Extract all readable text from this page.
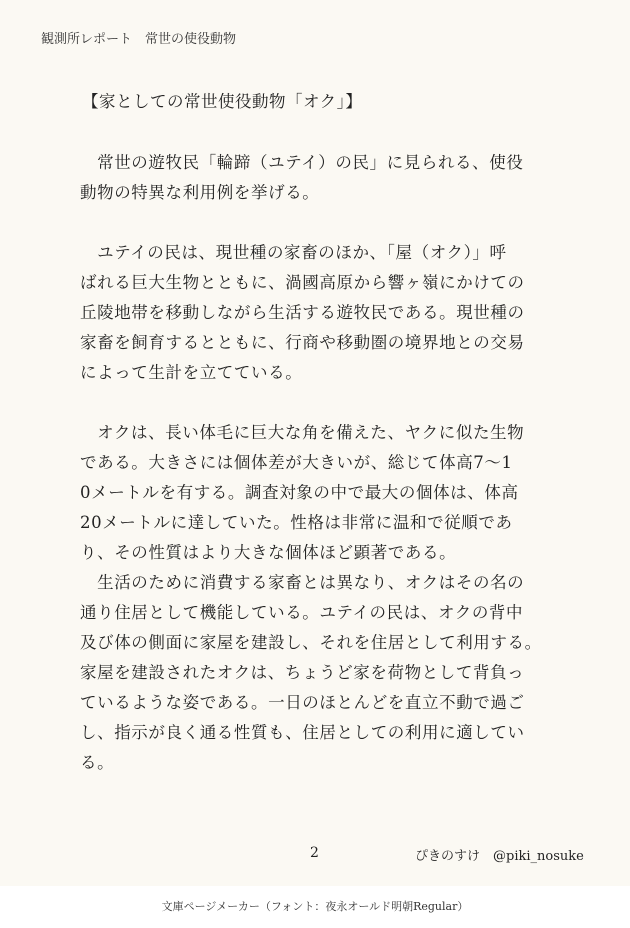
観測所レポート　常世の使役動物
【家としての常世使役動物「オク」】
　常世の遊牧民「輪蹄（ユテイ）の民」に見られる、使役
動物の特異な利用例を挙げる。
　ユテイの民は、現世種の家畜のほか、「屋（オク）」呼
ばれる巨大生物とともに、渦國高原から響ヶ嶺にかけての
丘陵地帯を移動しながら生活する遊牧民である。現世種の
家畜を飼育するとともに、行商や移動圏の境界地との交易
によって生計を立てている。
　オクは、長い体毛に巨大な角を備えた、ヤクに似た生物
である。大きさには個体差が大きいが、総じて体高7〜1
0メートルを有する。調査対象の中で最大の個体は、体高
20メートルに達していた。性格は非常に温和で従順であ
り、その性質はより大きな個体ほど顕著である。
　生活のために消費する家畜とは異なり、オクはその名の
通り住居として機能している。ユテイの民は、オクの背中
及び体の側面に家屋を建設し、それを住居として利用する。
家屋を建設されたオクは、ちょうど家を荷物として背負っ
ているような姿である。一日のほとんどを直立不動で過ご
し、指示が良く通る性質も、住居としての利用に適してい
る。
2	ぴきのすけ　@piki_nosuke
文庫ページメーカー（フォント：夜永オールド明朝Regular）
